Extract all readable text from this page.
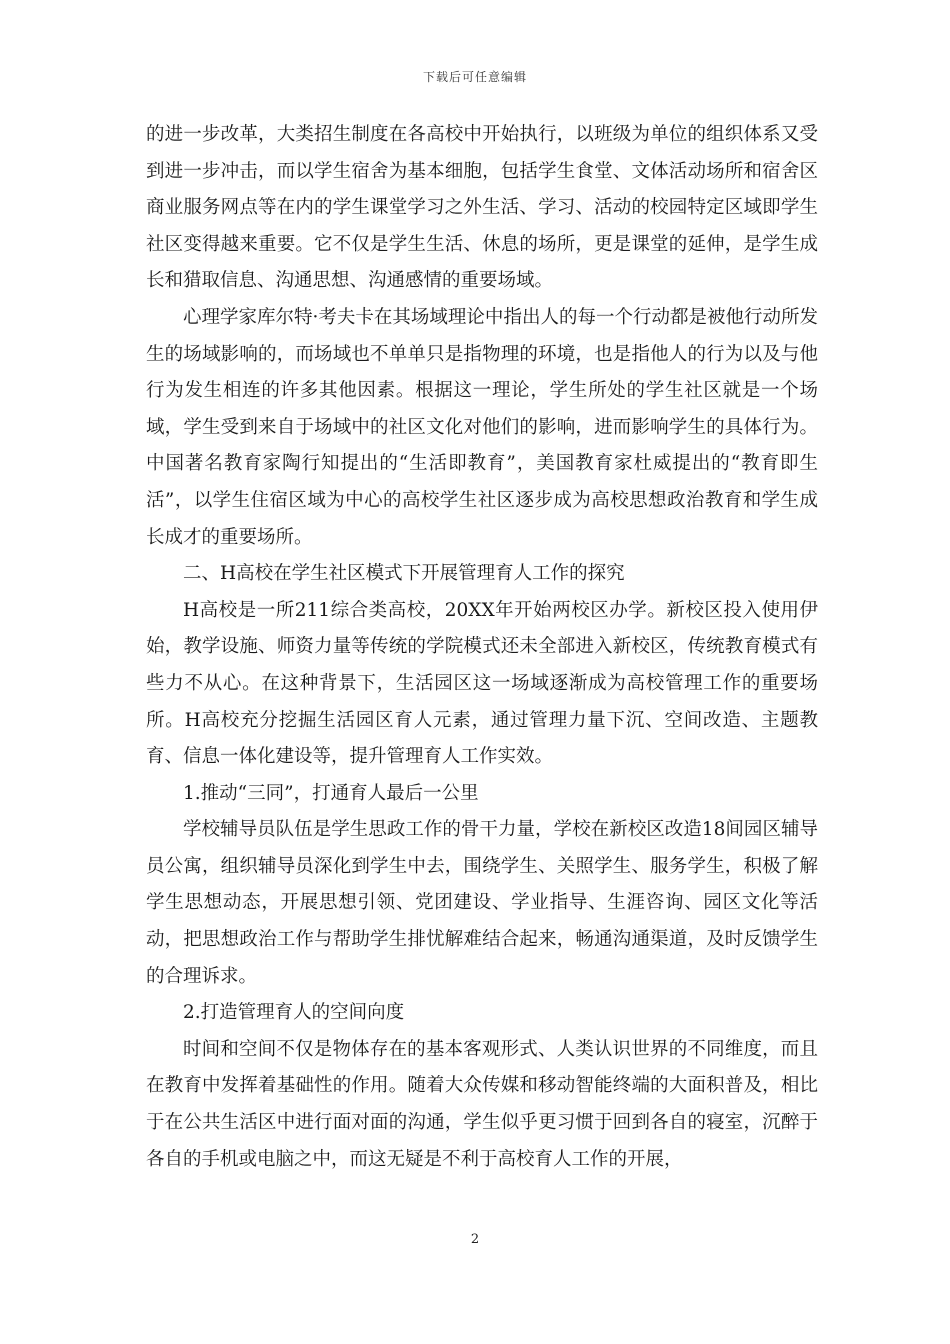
下载后可任意编辑

的进一步改革，大类招生制度在各高校中开始执行，以班级为单位的组织体系又受到进一步冲击，而以学生宿舍为基本细胞，包括学生食堂、文体活动场所和宿舍区商业服务网点等在内的学生课堂学习之外生活、学习、活动的校园特定区域即学生社区变得越来重要。它不仅是学生生活、休息的场所，更是课堂的延伸，是学生成长和猎取信息、沟通思想、沟通感情的重要场域。

心理学家库尔特·考夫卡在其场域理论中指出人的每一个行动都是被他行动所发生的场域影响的，而场域也不单单只是指物理的环境，也是指他人的行为以及与他行为发生相连的许多其他因素。根据这一理论，学生所处的学生社区就是一个场域，学生受到来自于场域中的社区文化对他们的影响，进而影响学生的具体行为。中国著名教育家陶行知提出的“生活即教育”，美国教育家杜威提出的“教育即生活”，以学生住宿区域为中心的高校学生社区逐步成为高校思想政治教育和学生成长成才的重要场所。

二、H高校在学生社区模式下开展管理育人工作的探究

H高校是一所211综合类高校，20XX年开始两校区办学。新校区投入使用伊始，教学设施、师资力量等传统的学院模式还未全部进入新校区，传统教育模式有些力不从心。在这种背景下，生活园区这一场域逐渐成为高校管理工作的重要场所。H高校充分挖掘生活园区育人元素，通过管理力量下沉、空间改造、主题教育、信息一体化建设等，提升管理育人工作实效。

1.推动“三同”，打通育人最后一公里

学校辅导员队伍是学生思政工作的骨干力量，学校在新校区改造18间园区辅导员公寓，组织辅导员深化到学生中去，围绕学生、关照学生、服务学生，积极了解学生思想动态，开展思想引领、党团建设、学业指导、生涯咨询、园区文化等活动，把思想政治工作与帮助学生排忧解难结合起来，畅通沟通渠道，及时反馈学生的合理诉求。

2.打造管理育人的空间向度

时间和空间不仅是物体存在的基本客观形式、人类认识世界的不同维度，而且在教育中发挥着基础性的作用。随着大众传媒和移动智能终端的大面积普及，相比于在公共生活区中进行面对面的沟通，学生似乎更习惯于回到各自的寝室，沉醉于各自的手机或电脑之中，而这无疑是不利于高校育人工作的开展，

2
